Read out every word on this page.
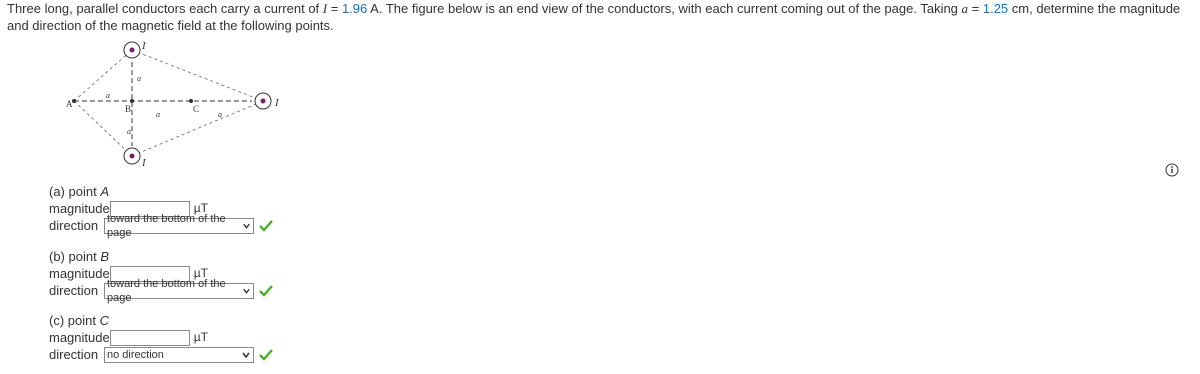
Three long, parallel conductors each carry a current of I = 1.96 A. The figure below is an end view of the conductors, with each current coming out of the page. Taking a = 1.25 cm, determine the magnitude and direction of the magnetic field at the following points.
I
I
I
a
a
a	a
a
A	B	C
(a) point A
magnitude	µT
direction toward the bottom of the page
(b) point B
magnitude	µT
direction toward the bottom of the page
(c) point C
magnitude	µT
direction no direction
